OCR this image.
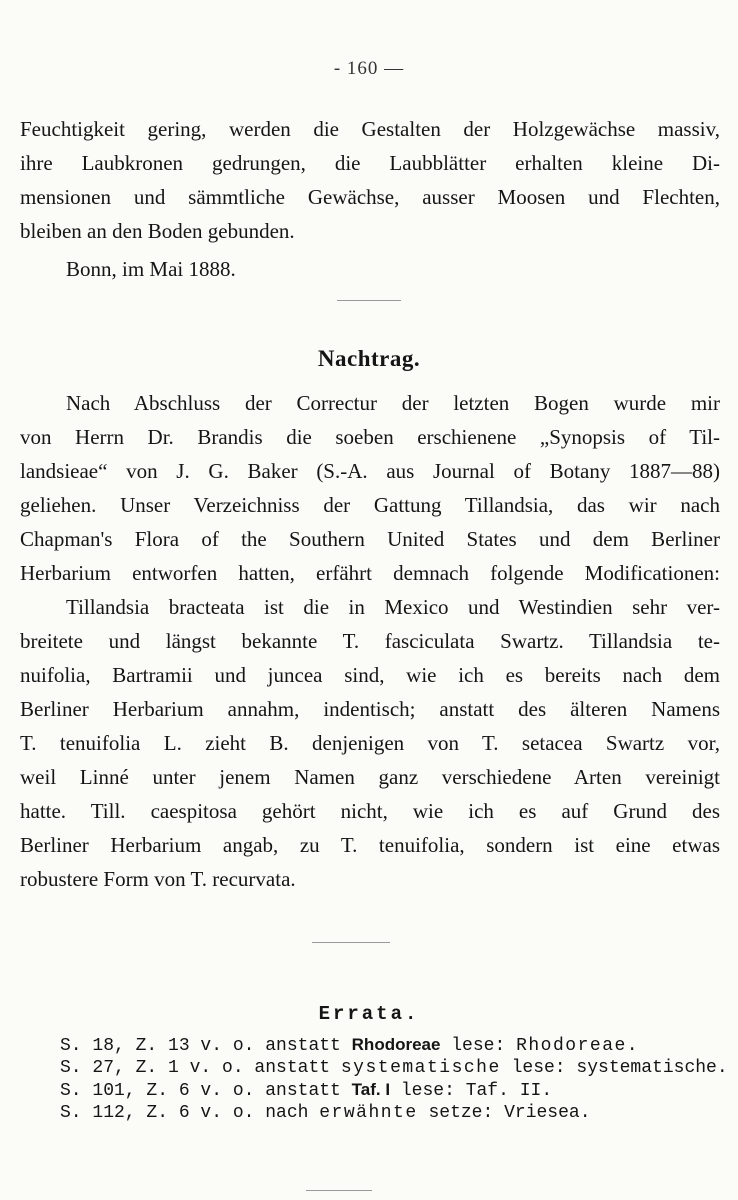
- 160 —
Feuchtigkeit gering, werden die Gestalten der Holzgewächse massiv,
ihre Laubkronen gedrungen, die Laubblätter erhalten kleine Di-
mensionen und sämmtliche Gewächse, ausser Moosen und Flechten,
bleiben an den Boden gebunden.
Bonn, im Mai 1888.
Nachtrag.
Nach Abschluss der Correctur der letzten Bogen wurde mir
von Herrn Dr. Brandis die soeben erschienene „Synopsis of Til-
landsieae“ von J. G. Baker (S.-A. aus Journal of Botany 1887—88)
geliehen. Unser Verzeichniss der Gattung Tillandsia, das wir nach
Chapman's Flora of the Southern United States und dem Berliner
Herbarium entworfen hatten, erfährt demnach folgende Modificationen:
Tillandsia bracteata ist die in Mexico und Westindien sehr ver-
breitete und längst bekannte T. fasciculata Swartz. Tillandsia te-
nuifolia, Bartramii und juncea sind, wie ich es bereits nach dem
Berliner Herbarium annahm, indentisch; anstatt des älteren Namens
T. tenuifolia L. zieht B. denjenigen von T. setacea Swartz vor,
weil Linné unter jenem Namen ganz verschiedene Arten vereinigt
hatte. Till. caespitosa gehört nicht, wie ich es auf Grund des
Berliner Herbarium angab, zu T. tenuifolia, sondern ist eine etwas
robustere Form von T. recurvata.
Errata.
S. 18, Z. 13 v. o. anstatt Rhodoreae lese: Rhodoreae.
S. 27, Z. 1 v. o. anstatt systematische lese: systematische.
S. 101, Z. 6 v. o. anstatt Taf. I lese: Taf. II.
S. 112, Z. 6 v. o. nach erwähnte setze: Vriesea.
